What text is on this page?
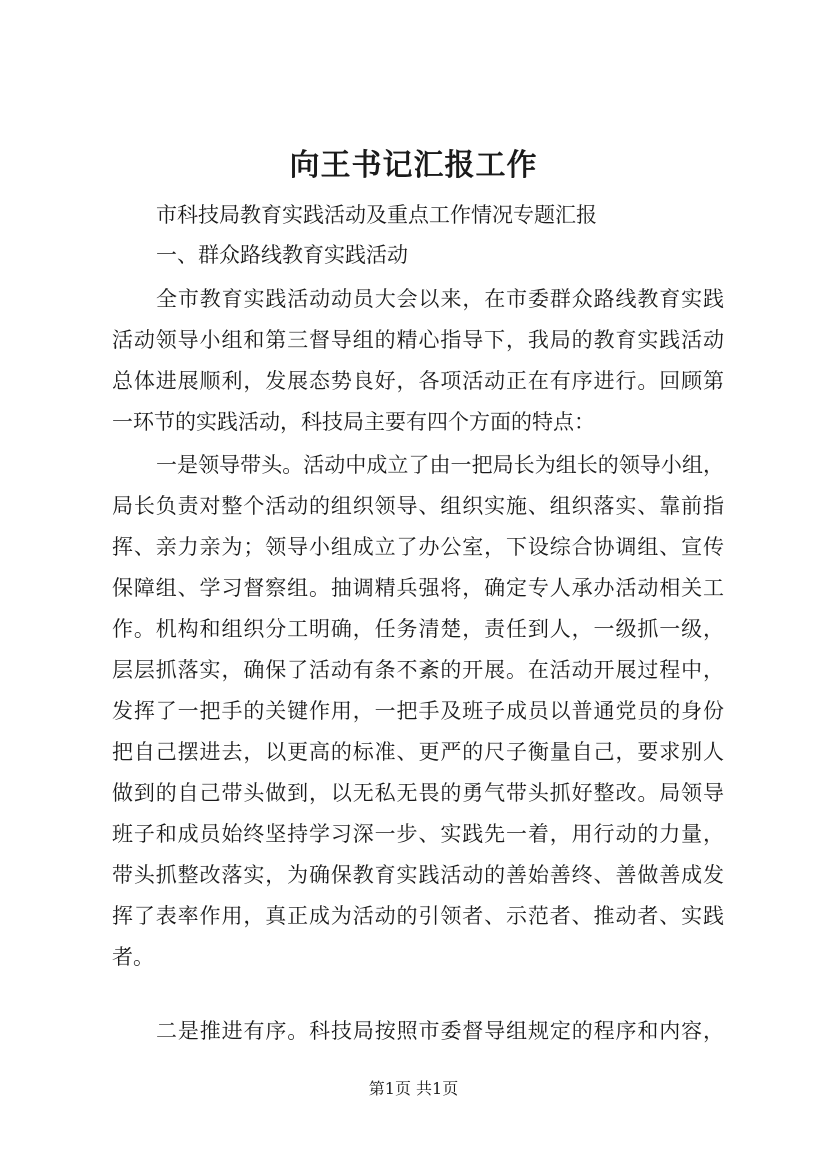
向王书记汇报工作
市科技局教育实践活动及重点工作情况专题汇报
一、群众路线教育实践活动
全市教育实践活动动员大会以来，在市委群众路线教育实践
活动领导小组和第三督导组的精心指导下，我局的教育实践活动
总体进展顺利，发展态势良好，各项活动正在有序进行。回顾第
一环节的实践活动，科技局主要有四个方面的特点：
一是领导带头。活动中成立了由一把局长为组长的领导小组，
局长负责对整个活动的组织领导、组织实施、组织落实、靠前指
挥、亲力亲为；领导小组成立了办公室，下设综合协调组、宣传
保障组、学习督察组。抽调精兵强将，确定专人承办活动相关工
作。机构和组织分工明确，任务清楚，责任到人，一级抓一级，
层层抓落实，确保了活动有条不紊的开展。在活动开展过程中，
发挥了一把手的关键作用，一把手及班子成员以普通党员的身份
把自己摆进去，以更高的标准、更严的尺子衡量自己，要求别人
做到的自己带头做到，以无私无畏的勇气带头抓好整改。局领导
班子和成员始终坚持学习深一步、实践先一着，用行动的力量，
带头抓整改落实，为确保教育实践活动的善始善终、善做善成发
挥了表率作用，真正成为活动的引领者、示范者、推动者、实践
者。
二是推进有序。科技局按照市委督导组规定的程序和内容，
第1页 共1页
